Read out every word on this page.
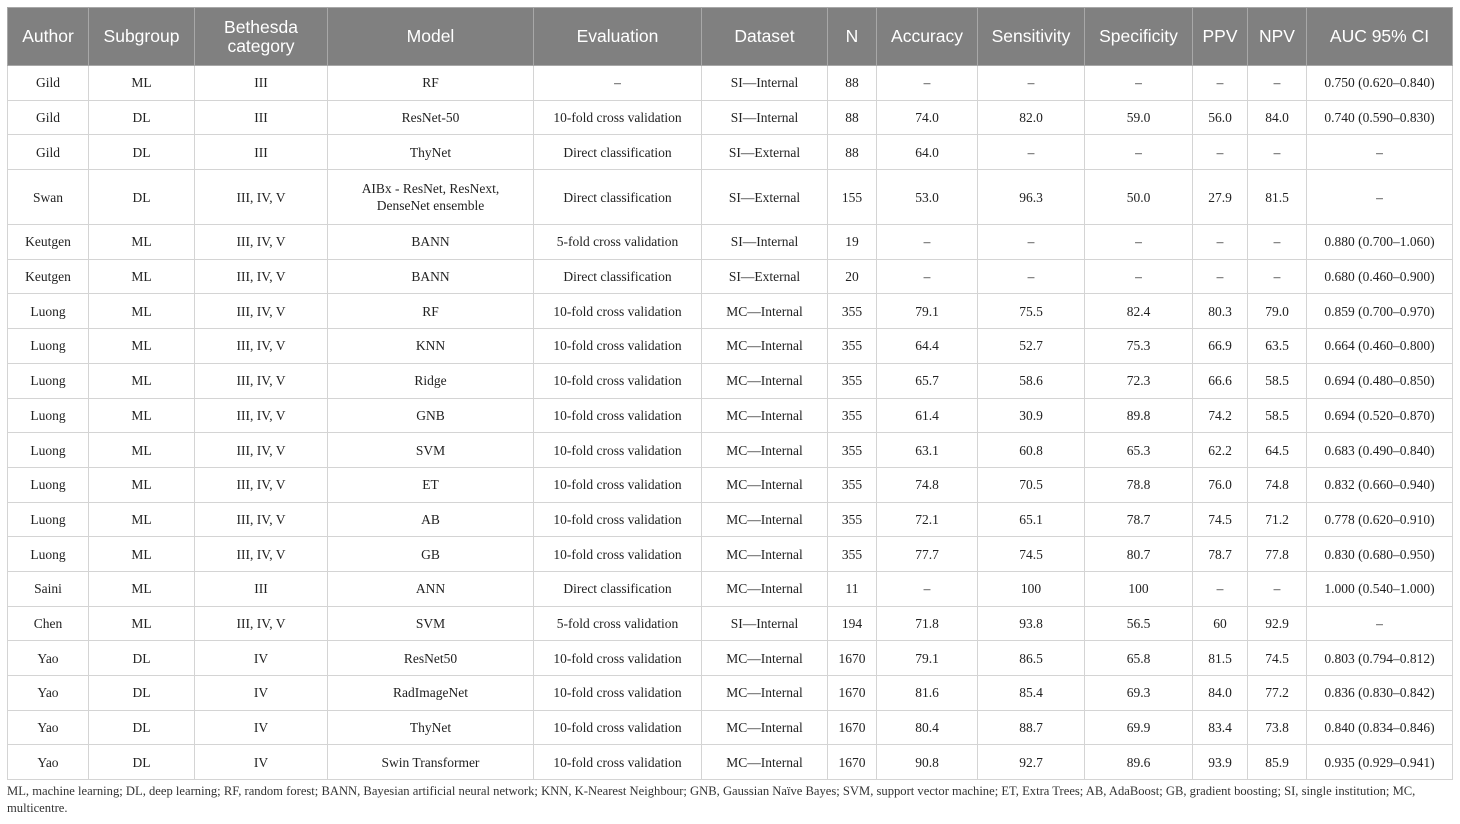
Author	Subgroup	Bethesda category	Model	Evaluation	Dataset	N	Accuracy	Sensitivity	Specificity	PPV	NPV	AUC 95% CI
Gild	ML	III	RF	–	SI—Internal	88	–	–	–	–	–	0.750 (0.620–0.840)
Gild	DL	III	ResNet-50	10-fold cross validation	SI—Internal	88	74.0	82.0	59.0	56.0	84.0	0.740 (0.590–0.830)
Gild	DL	III	ThyNet	Direct classification	SI—External	88	64.0	–	–	–	–	–
Swan	DL	III, IV, V	AIBx - ResNet, ResNext, DenseNet ensemble	Direct classification	SI—External	155	53.0	96.3	50.0	27.9	81.5	–
Keutgen	ML	III, IV, V	BANN	5-fold cross validation	SI—Internal	19	–	–	–	–	–	0.880 (0.700–1.060)
Keutgen	ML	III, IV, V	BANN	Direct classification	SI—External	20	–	–	–	–	–	0.680 (0.460–0.900)
Luong	ML	III, IV, V	RF	10-fold cross validation	MC—Internal	355	79.1	75.5	82.4	80.3	79.0	0.859 (0.700–0.970)
Luong	ML	III, IV, V	KNN	10-fold cross validation	MC—Internal	355	64.4	52.7	75.3	66.9	63.5	0.664 (0.460–0.800)
Luong	ML	III, IV, V	Ridge	10-fold cross validation	MC—Internal	355	65.7	58.6	72.3	66.6	58.5	0.694 (0.480–0.850)
Luong	ML	III, IV, V	GNB	10-fold cross validation	MC—Internal	355	61.4	30.9	89.8	74.2	58.5	0.694 (0.520–0.870)
Luong	ML	III, IV, V	SVM	10-fold cross validation	MC—Internal	355	63.1	60.8	65.3	62.2	64.5	0.683 (0.490–0.840)
Luong	ML	III, IV, V	ET	10-fold cross validation	MC—Internal	355	74.8	70.5	78.8	76.0	74.8	0.832 (0.660–0.940)
Luong	ML	III, IV, V	AB	10-fold cross validation	MC—Internal	355	72.1	65.1	78.7	74.5	71.2	0.778 (0.620–0.910)
Luong	ML	III, IV, V	GB	10-fold cross validation	MC—Internal	355	77.7	74.5	80.7	78.7	77.8	0.830 (0.680–0.950)
Saini	ML	III	ANN	Direct classification	MC—Internal	11	–	100	100	–	–	1.000 (0.540–1.000)
Chen	ML	III, IV, V	SVM	5-fold cross validation	SI—Internal	194	71.8	93.8	56.5	60	92.9	–
Yao	DL	IV	ResNet50	10-fold cross validation	MC—Internal	1670	79.1	86.5	65.8	81.5	74.5	0.803 (0.794–0.812)
Yao	DL	IV	RadImageNet	10-fold cross validation	MC—Internal	1670	81.6	85.4	69.3	84.0	77.2	0.836 (0.830–0.842)
Yao	DL	IV	ThyNet	10-fold cross validation	MC—Internal	1670	80.4	88.7	69.9	83.4	73.8	0.840 (0.834–0.846)
Yao	DL	IV	Swin Transformer	10-fold cross validation	MC—Internal	1670	90.8	92.7	89.6	93.9	85.9	0.935 (0.929–0.941)
ML, machine learning; DL, deep learning; RF, random forest; BANN, Bayesian artificial neural network; KNN, K-Nearest Neighbour; GNB, Gaussian Naïve Bayes; SVM, support vector machine; ET, Extra Trees; AB, AdaBoost; GB, gradient boosting; SI, single institution; MC, multicentre.
